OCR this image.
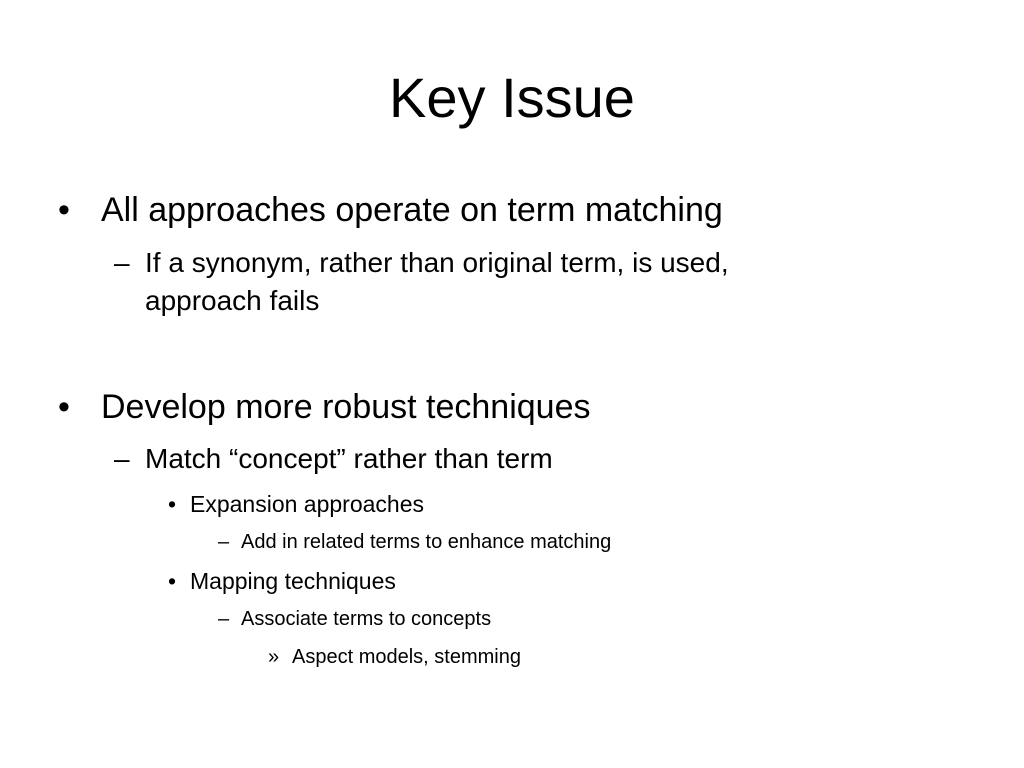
Key Issue
• All approaches operate on term matching
– If a synonym, rather than original term, is used,
approach fails
• Develop more robust techniques
– Match “concept” rather than term
• Expansion approaches
– Add in related terms to enhance matching
• Mapping techniques
– Associate terms to concepts
» Aspect models, stemming
